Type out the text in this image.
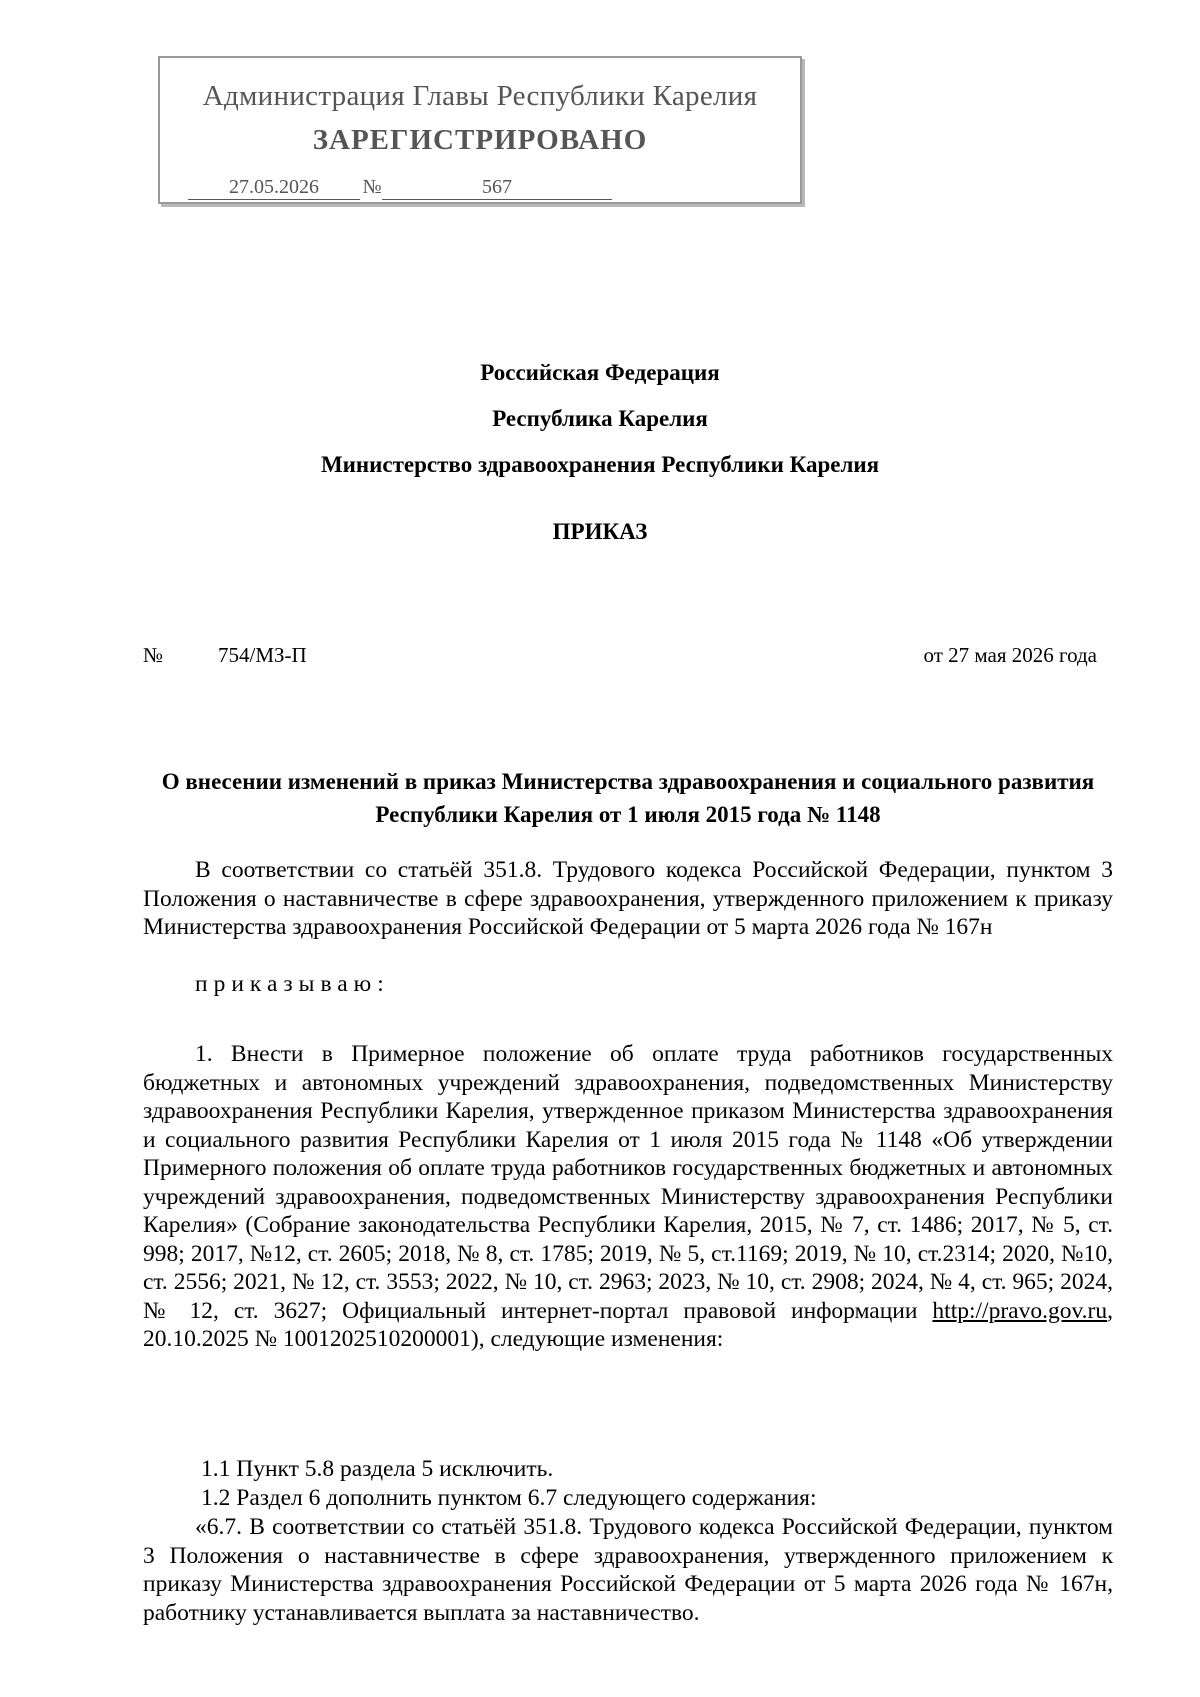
Администрация Главы Республики Карелия
ЗАРЕГИСТРИРОВАНО
27.05.2026	№	567
Российская Федерация
Республика Карелия
Министерство здравоохранения Республики Карелия
ПРИКАЗ
№	754/МЗ-П	от 27 мая 2026 года
О внесении изменений в приказ Министерства здравоохранения и социального развития Республики Карелия от 1 июля 2015 года № 1148

В соответствии со статьёй 351.8. Трудового кодекса Российской Федерации, пунктом 3 Положения о наставничестве в сфере здравоохранения, утвержденного приложением к приказу Министерства здравоохранения Российской Федерации от 5 марта 2026 года № 167н

приказываю:

1. Внести в Примерное положение об оплате труда работников государственных бюджетных и автономных учреждений здравоохранения, подведомственных Министерству здравоохранения Республики Карелия, утвержденное приказом Министерства здравоохранения и социального развития Республики Карелия от 1 июля 2015 года № 1148 «Об утверждении Примерного положения об оплате труда работников государственных бюджетных и автономных учреждений здравоохранения, подведомственных Министерству здравоохранения Республики Карелия» (Собрание законодательства Республики Карелия, 2015, № 7, ст. 1486; 2017, № 5, ст. 998; 2017, №12, ст. 2605; 2018, № 8, ст. 1785; 2019, № 5, ст.1169; 2019, № 10, ст.2314; 2020, №10, ст. 2556; 2021, № 12, ст. 3553; 2022, № 10, ст. 2963; 2023, № 10, ст. 2908; 2024, № 4, ст. 965; 2024, № 12, ст. 3627; Официальный интернет-портал правовой информации http://pravo.gov.ru, 20.10.2025 № 1001202510200001), следующие изменения:

1.1 Пункт 5.8 раздела 5 исключить.

1.2 Раздел 6 дополнить пунктом 6.7 следующего содержания:

«6.7. В соответствии со статьёй 351.8. Трудового кодекса Российской Федерации, пунктом 3 Положения о наставничестве в сфере здравоохранения, утвержденного приложением к приказу Министерства здравоохранения Российской Федерации от 5 марта 2026 года № 167н, работнику устанавливается выплата за наставничество.
